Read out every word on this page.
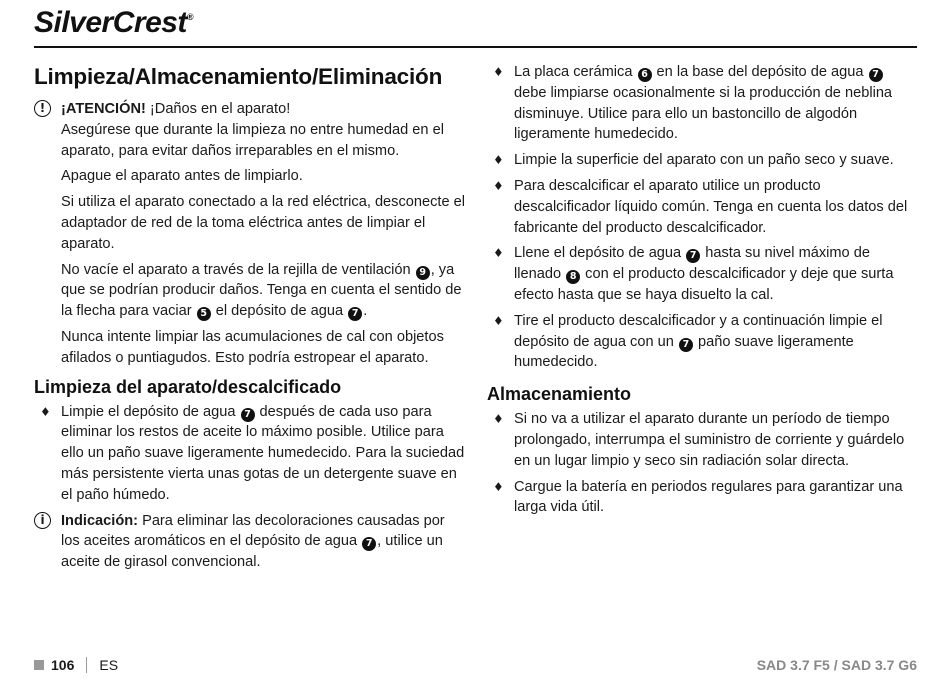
SilverCrest®
Limpieza/Almacenamiento/Eliminación
!	¡ATENCIÓN! ¡Daños en el aparato!

Asegúrese que durante la limpieza no entre humedad en el aparato, para evitar daños irreparables en el mismo.

Apague el aparato antes de limpiarlo.

Si utiliza el aparato conectado a la red eléctrica, desconecte el adaptador de red de la toma eléctrica antes de limpiar el aparato.

No vacíe el aparato a través de la rejilla de ventilación 9 , ya que se podrían producir daños. Tenga en cuenta el sentido de la flecha para vaciar 5 el depósito de agua 7 .

Nunca intente limpiar las acumulaciones de cal con objetos afilados o puntiagudos. Esto podría estropear el aparato.

Limpieza del aparato/descalcificado
♦ Limpie el depósito de agua 7 después de cada uso para eliminar los restos de aceite lo máximo posible. Utilice para ello un paño suave ligeramente humedecido. Para la suciedad más persistente vierta unas gotas de un detergente suave en el paño húmedo.
i	Indicación: Para eliminar las decoloraciones causadas por los aceites aromáticos en el depósito de agua 7 , utilice un aceite de girasol convencional.

♦ La placa cerámica 6 en la base del depósito de agua 7 debe limpiarse ocasionalmente si la producción de neblina disminuye. Utilice para ello un bastoncillo de algodón ligeramente humedecido.
♦ Limpie la superficie del aparato con un paño seco y suave.
♦ Para descalcificar el aparato utilice un producto descalcificador líquido común. Tenga en cuenta los datos del fabricante del producto descalcificador.
♦ Llene el depósito de agua 7 hasta su nivel máximo de llenado 8 con el producto descalcificador y deje que surta efecto hasta que se haya disuelto la cal.
♦ Tire el producto descalcificador y a continuación limpie el depósito de agua con un 7 paño suave ligeramente humedecido.
Almacenamiento
♦ Si no va a utilizar el aparato durante un período de tiempo prolongado, interrumpa el suministro de corriente y guárdelo en un lugar limpio y seco sin radiación solar directa.
♦ Cargue la batería en periodos regulares para garantizar una larga vida útil.
106 ES	SAD 3.7 F5 / SAD 3.7 G6
